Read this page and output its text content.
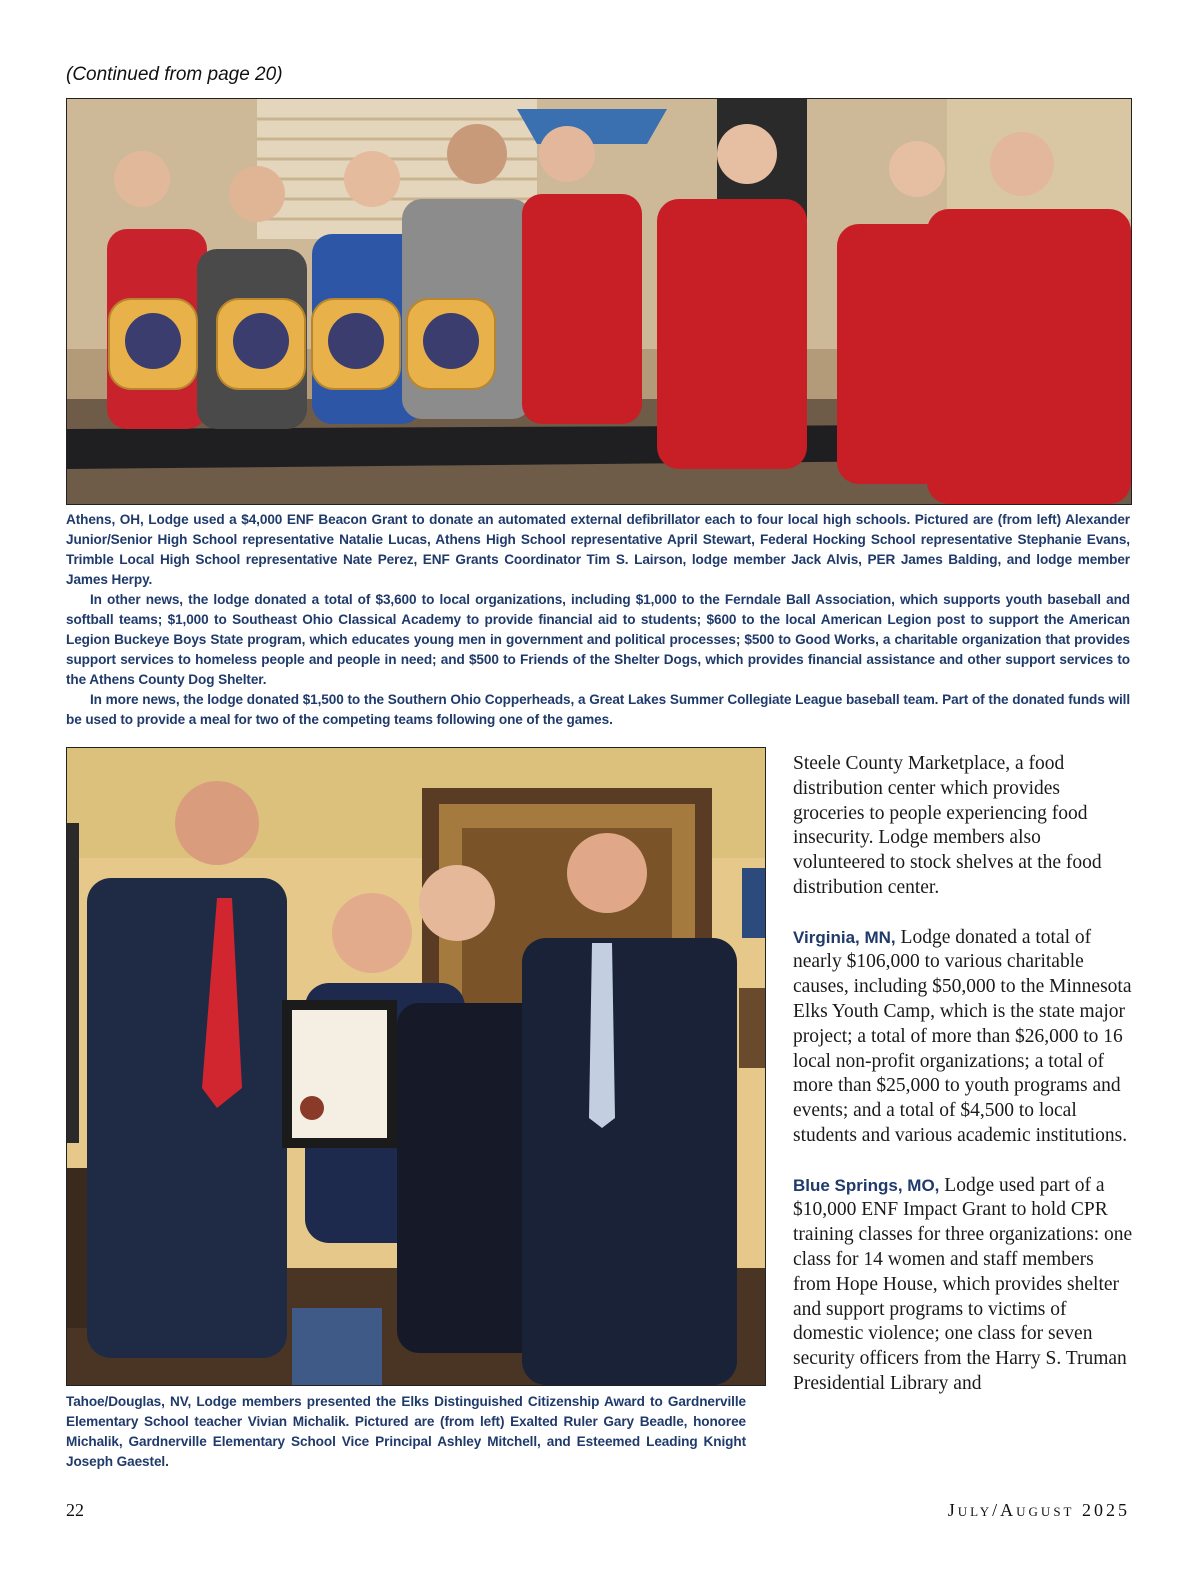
(Continued from page 20)

Athens, OH, Lodge used a $4,000 ENF Beacon Grant to donate an automated external defibrillator each to four local high schools. Pictured are (from left) Alexander Junior/Senior High School representative Natalie Lucas, Athens High School representative April Stewart, Federal Hocking School representative Stephanie Evans, Trimble Local High School representative Nate Perez, ENF Grants Coordinator Tim S. Lairson, lodge member Jack Alvis, PER James Balding, and lodge member James Herpy.

In other news, the lodge donated a total of $3,600 to local organizations, including $1,000 to the Ferndale Ball Association, which supports youth baseball and softball teams; $1,000 to Southeast Ohio Classical Academy to provide financial aid to students; $600 to the local American Legion post to support the American Legion Buckeye Boys State program, which educates young men in government and political processes; $500 to Good Works, a charitable organization that provides support services to homeless people and people in need; and $500 to Friends of the Shelter Dogs, which provides financial assistance and other support services to the Athens County Dog Shelter.

In more news, the lodge donated $1,500 to the Southern Ohio Copperheads, a Great Lakes Summer Collegiate League baseball team. Part of the donated funds will be used to provide a meal for two of the competing teams following one of the games.

Tahoe/Douglas, NV, Lodge members presented the Elks Distinguished Citizenship Award to Gardnerville Elementary School teacher Vivian Michalik. Pictured are (from left) Exalted Ruler Gary Beadle, honoree Michalik, Gardnerville Elementary School Vice Principal Ashley Mitchell, and Esteemed Leading Knight Joseph Gaestel.

Steele County Marketplace, a food distribution center which provides groceries to people experiencing food insecurity. Lodge members also volunteered to stock shelves at the food distribution center.

Virginia, MN, Lodge donated a total of nearly $106,000 to various charitable causes, including $50,000 to the Minnesota Elks Youth Camp, which is the state major project; a total of more than $26,000 to 16 local non-profit organizations; a total of more than $25,000 to youth programs and events; and a total of $4,500 to local students and various academic institutions.

Blue Springs, MO, Lodge used part of a $10,000 ENF Impact Grant to hold CPR training classes for three organizations: one class for 14 women and staff members from Hope House, which provides shelter and support programs to victims of domestic violence; one class for seven security officers from the Harry S. Truman Presidential Library and

22	July/August 2025
